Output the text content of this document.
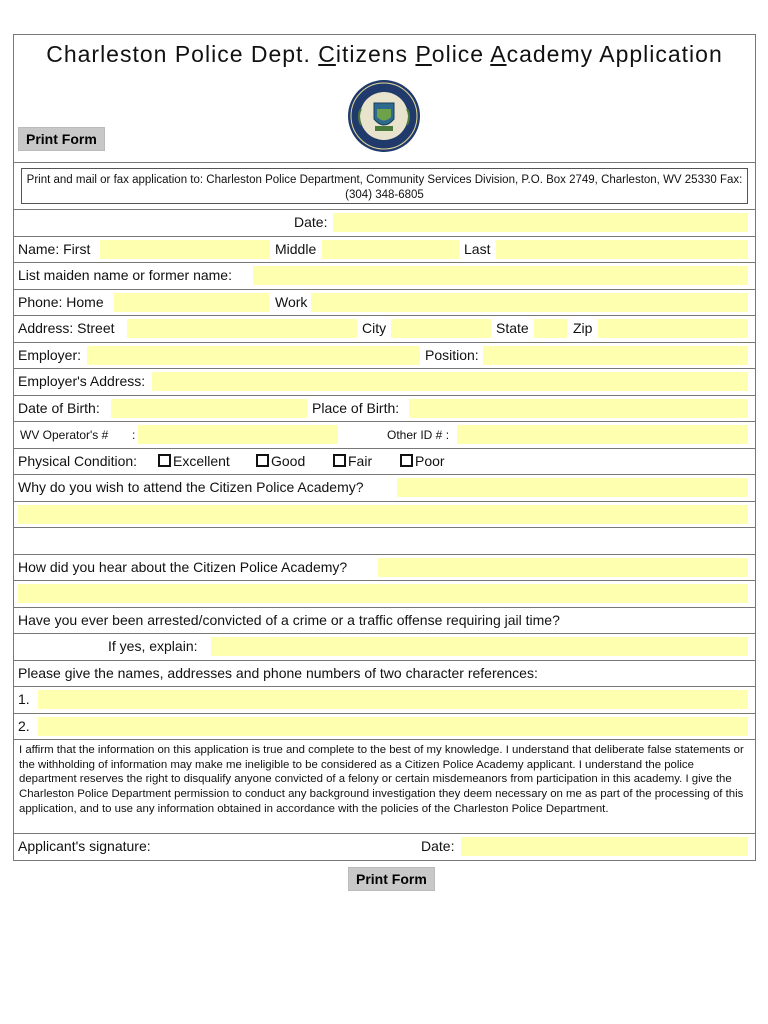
Charleston Police Dept. Citizens Police Academy Application
Print Form
Print and mail or fax application to: Charleston Police Department, Community Services Division, P.O. Box 2749, Charleston, WV 25330 Fax: (304) 348-6805
Date:
Name: First	Middle	Last
List maiden name or former name:
Phone: Home	Work
Address: Street	City	State	Zip
Employer:	Position:
Employer's Address:
Date of Birth:	Place of Birth:
WV Operator's # :	Other ID # :
Physical Condition:	Excellent	Good	Fair	Poor
Why do you wish to attend the Citizen Police Academy?
How did you hear about the Citizen Police Academy?
Have you ever been arrested/convicted of a crime or a traffic offense requiring jail time?
If yes, explain:
Please give the names, addresses and phone numbers of two character references:
1.
2.
I affirm that the information on this application is true and complete to the best of my knowledge. I understand that deliberate false statements or the withholding of information may make me ineligible to be considered as a Citizen Police Academy applicant. I understand the police department reserves the right to disqualify anyone convicted of a felony or certain misdemeanors from participation in this academy. I give the Charleston Police Department permission to conduct any background investigation they deem necessary on me as part of the processing of this application, and to use any information obtained in accordance with the policies of the Charleston Police Department.
Applicant's signature:	Date:
Print Form
